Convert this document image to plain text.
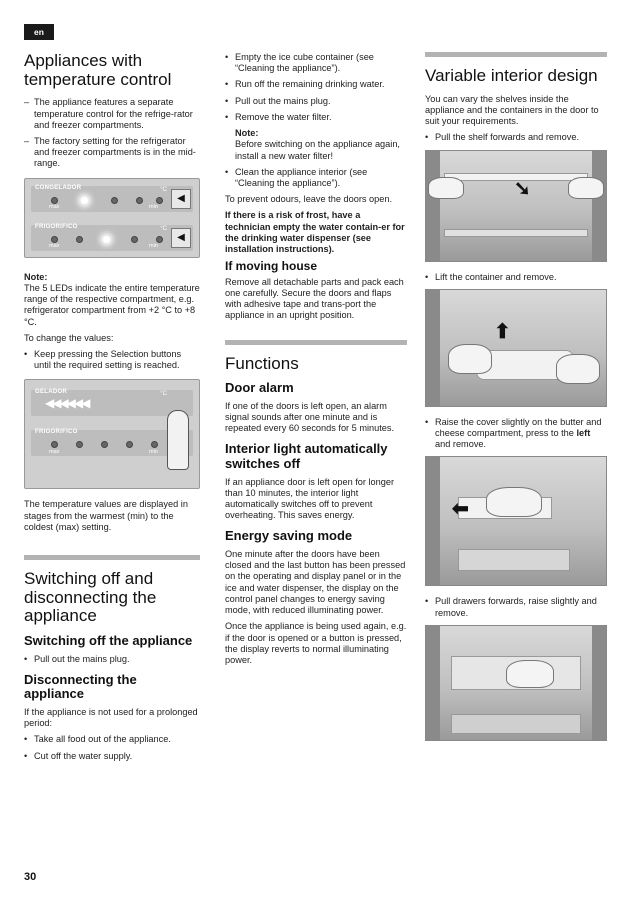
en
Appliances with temperature control
– The appliance features a separate temperature control for the refrige-rator and freezer compartments.
– The factory setting for the refrigerator and freezer compartments is in the mid-range.
CONGELADOR
max	min
°C
◀
FRIGORIFICO
max	min
°C
◀

Note:

The 5 LEDs indicate the entire temperature range of the respective compartment, e.g. refrigerator compartment from +2 °C to +8 °C.

To change the values:

• Keep pressing the Selection buttons until the required setting is reached.
GELADOR
◀◀◀◀◀◀
°C
FRIGORIFICO
max	min

The temperature values are displayed in stages from the warmest (min) to the coldest (max) setting.

Switching off and disconnecting the appliance
Switching off the appliance
• Pull out the mains plug.
Disconnecting the appliance

If the appliance is not used for a prolonged period:

• Take all food out of the appliance.
• Cut off the water supply.
• Empty the ice cube container (see “Cleaning the appliance”).
• Run off the remaining drinking water.
• Pull out the mains plug.
• Remove the water filter.
Note:
Before switching on the appliance again, install a new water filter!
• Clean the appliance interior (see “Cleaning the appliance”).

To prevent odours, leave the doors open.

If there is a risk of frost, have a technician empty the water contain-er for the drinking water dispenser (see installation instructions).

If moving house

Remove all detachable parts and pack each one carefully. Secure the doors and flaps with adhesive tape and trans-port the appliance in an upright position.

Functions
Door alarm

If one of the doors is left open, an alarm signal sounds after one minute and is repeated every 60 seconds for 5 minutes.

Interior light automatically switches off

If an appliance door is left open for longer than 10 minutes, the interior light automatically switches off to prevent overheating. This saves energy.

Energy saving mode

One minute after the doors have been closed and the last button has been pressed on the operating and display panel or in the ice and water dispenser, the display on the control panel changes to energy saving mode, with reduced illuminating power.

Once the appliance is being used again, e.g. if the door is opened or a button is pressed, the display reverts to normal illuminating power.

Variable interior design

You can vary the shelves inside the appliance and the containers in the door to suit your requirements.

• Pull the shelf forwards and remove.
➘
• Lift the container and remove.
⬆
• Raise the cover slightly on the butter and cheese compartment, press to the left and remove.
⬅
• Pull drawers forwards, raise slightly and remove.
30
